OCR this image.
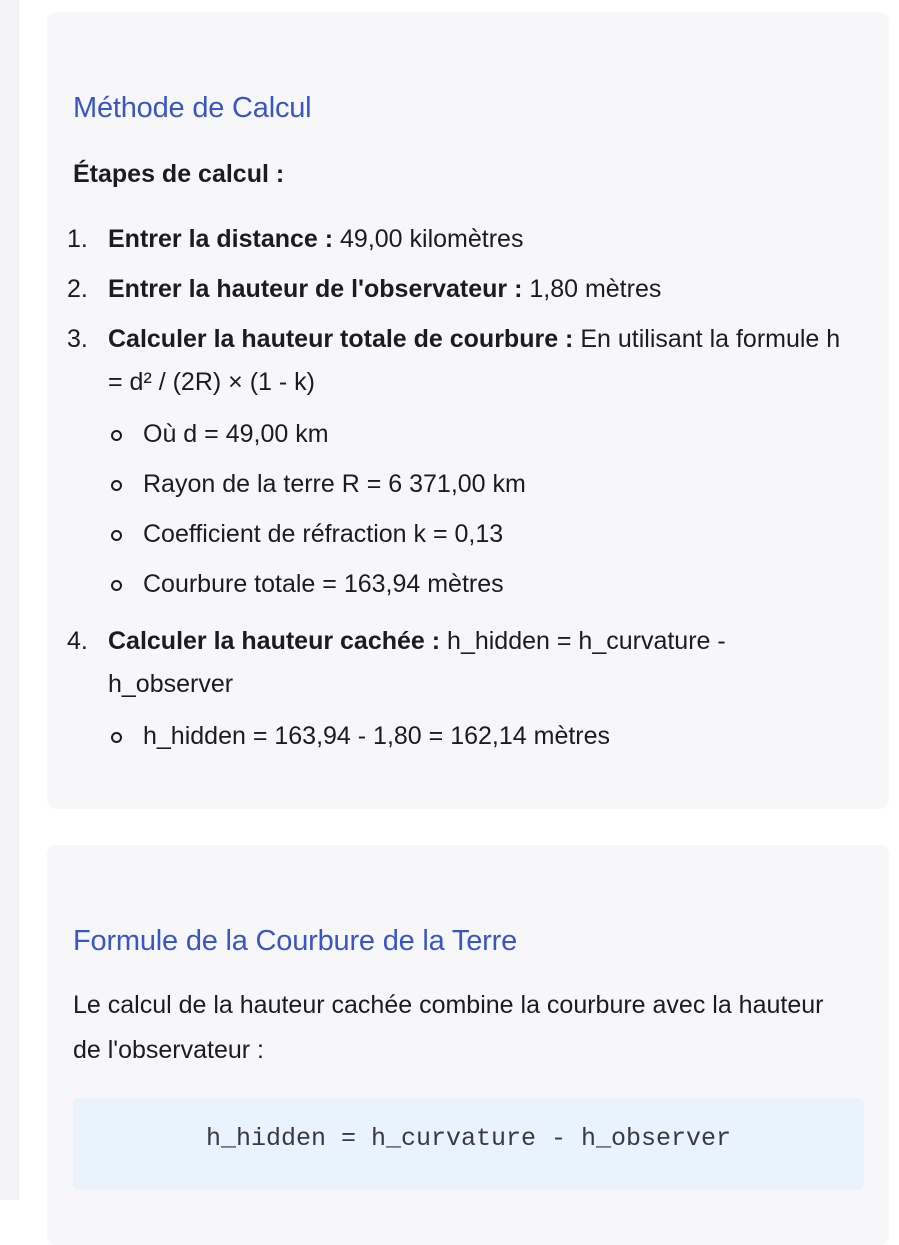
Méthode de Calcul
Étapes de calcul :
1. Entrer la distance : 49,00 kilomètres
2. Entrer la hauteur de l'observateur : 1,80 mètres
3. Calculer la hauteur totale de courbure : En utilisant la formule h = d² / (2R) × (1 - k)
Où d = 49,00 km
Rayon de la terre R = 6 371,00 km
Coefficient de réfraction k = 0,13
Courbure totale = 163,94 mètres
4. Calculer la hauteur cachée : h_hidden = h_curvature - h_observer
h_hidden = 163,94 - 1,80 = 162,14 mètres
Formule de la Courbure de la Terre

Le calcul de la hauteur cachée combine la courbure avec la hauteur de l'observateur :

h_hidden = h_curvature - h_observer
